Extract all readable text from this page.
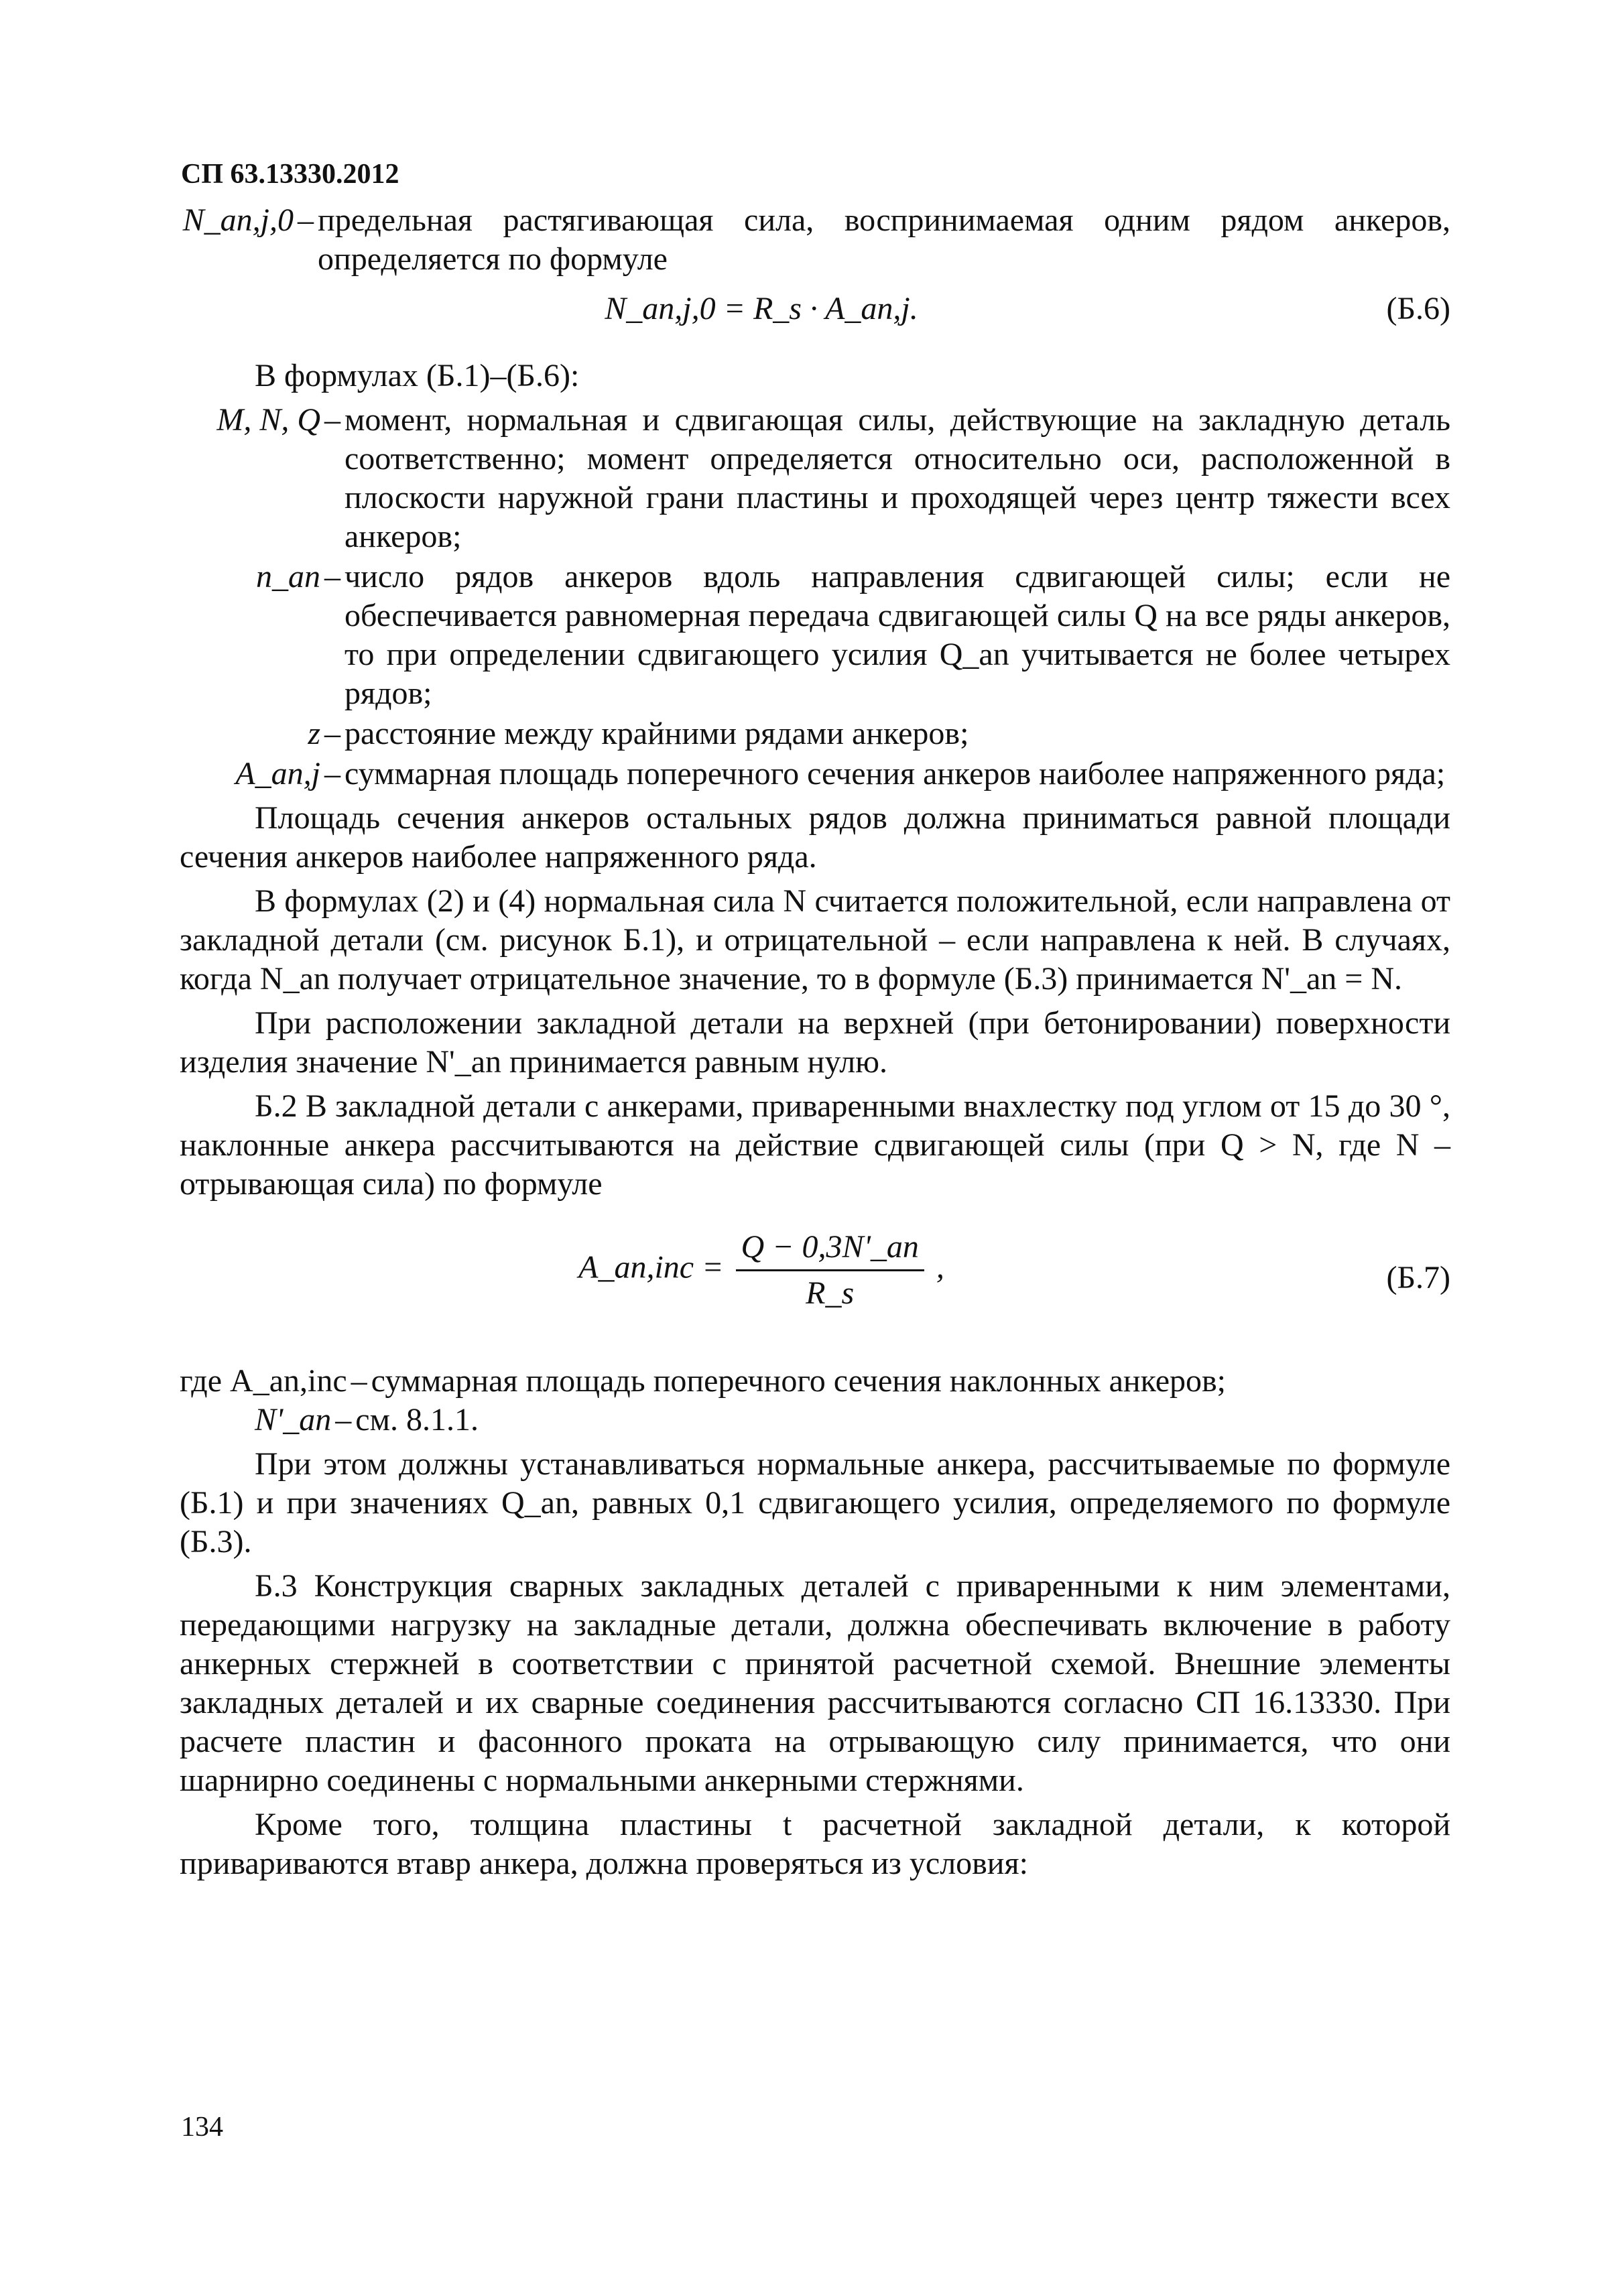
СП 63.13330.2012
N_an,j,0 – предельная растягивающая сила, воспринимаемая одним рядом анкеров, определяется по формуле
N_an,j,0 = R_s · A_an,j.	(Б.6)

В формулах (Б.1)–(Б.6):

M, N, Q – момент, нормальная и сдвигающая силы, действующие на закладную деталь соответственно; момент определяется относительно оси, расположенной в плоскости наружной грани пластины и проходящей через центр тяжести всех анкеров;
n_an – число рядов анкеров вдоль направления сдвигающей силы; если не обеспечивается равномерная передача сдвигающей силы Q на все ряды анкеров, то при определении сдвигающего усилия Q_an учитывается не более четырех рядов;
z – расстояние между крайними рядами анкеров;
A_an,j – суммарная площадь поперечного сечения анкеров наиболее напряженного ряда;

Площадь сечения анкеров остальных рядов должна приниматься равной площади сечения анкеров наиболее напряженного ряда.

В формулах (2) и (4) нормальная сила N считается положительной, если направлена от закладной детали (см. рисунок Б.1), и отрицательной – если направлена к ней. В случаях, когда N_an получает отрицательное значение, то в формуле (Б.3) принимается N'_an = N.

При расположении закладной детали на верхней (при бетонировании) поверхности изделия значение N'_an принимается равным нулю.

Б.2 В закладной детали с анкерами, приваренными внахлестку под углом от 15 до 30 °, наклонные анкера рассчитываются на действие сдвигающей силы (при Q > N, где N – отрывающая сила) по формуле

A_an,inc = $\frac{Q - 0,3N'\_an}{R\_s}$ ,	(Б.7)
где A_an,inc – суммарная площадь поперечного сечения наклонных анкеров;
N'_an – см. 8.1.1.

При этом должны устанавливаться нормальные анкера, рассчитываемые по формуле (Б.1) и при значениях Q_an, равных 0,1 сдвигающего усилия, определяемого по формуле (Б.3).

Б.3 Конструкция сварных закладных деталей с приваренными к ним элементами, передающими нагрузку на закладные детали, должна обеспечивать включение в работу анкерных стержней в соответствии с принятой расчетной схемой. Внешние элементы закладных деталей и их сварные соединения рассчитываются согласно СП 16.13330. При расчете пластин и фасонного проката на отрывающую силу принимается, что они шарнирно соединены с нормальными анкерными стержнями.

Кроме того, толщина пластины t расчетной закладной детали, к которой привариваются втавр анкера, должна проверяться из условия:

134
